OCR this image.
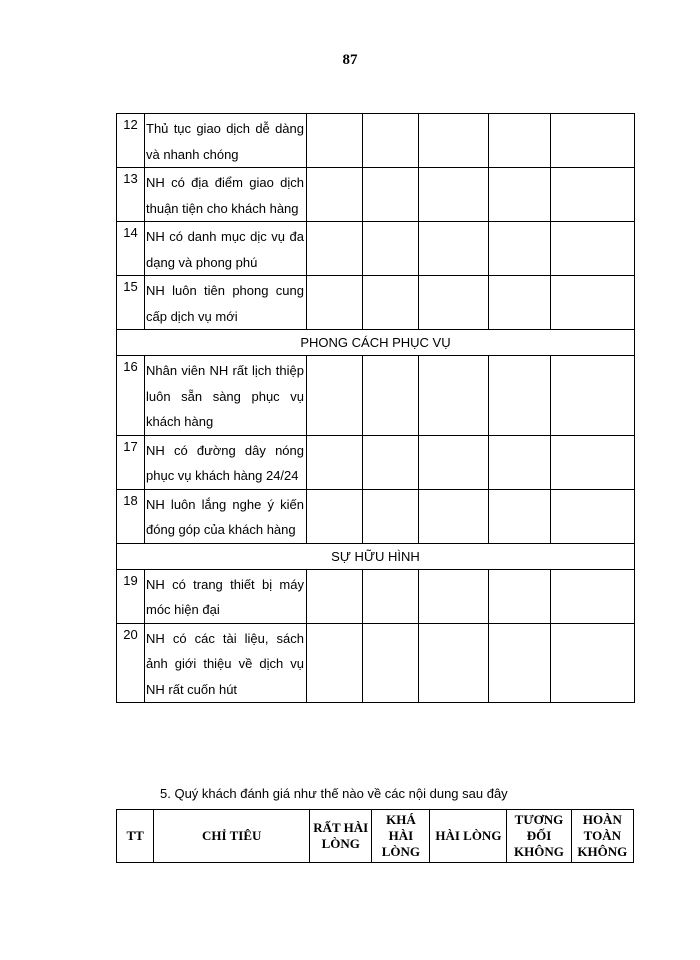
87
12	Thủ tục giao dịch dễ dàng và nhanh chóng					
13	NH có địa điểm giao dịch thuận tiện cho khách hàng					
14	NH có danh mục dịc vụ đa dạng và phong phú					
15	NH luôn tiên phong cung cấp dịch vụ mới					
PHONG CÁCH PHỤC VỤ						
16	Nhân viên NH rất lịch thiệp luôn sẵn sàng phục vụ khách hàng					
17	NH có đường dây nóng phục vụ khách hàng 24/24					
18	NH luôn lắng nghe ý kiến đóng góp của khách hàng					
SỰ HỮU HÌNH						
19	NH có trang thiết bị máy móc hiện đại					
20	NH có các tài liệu, sách ảnh giới thiệu về dịch vụ NH rất cuốn hút					
5. Quý khách đánh giá như thế nào về các nội dung sau đây
TT	CHỈ TIÊU	RẤT HÀI LÒNG	KHÁ HÀI LÒNG	HÀI LÒNG	TƯƠNG ĐỐI KHÔNG	HOÀN TOÀN KHÔNG
